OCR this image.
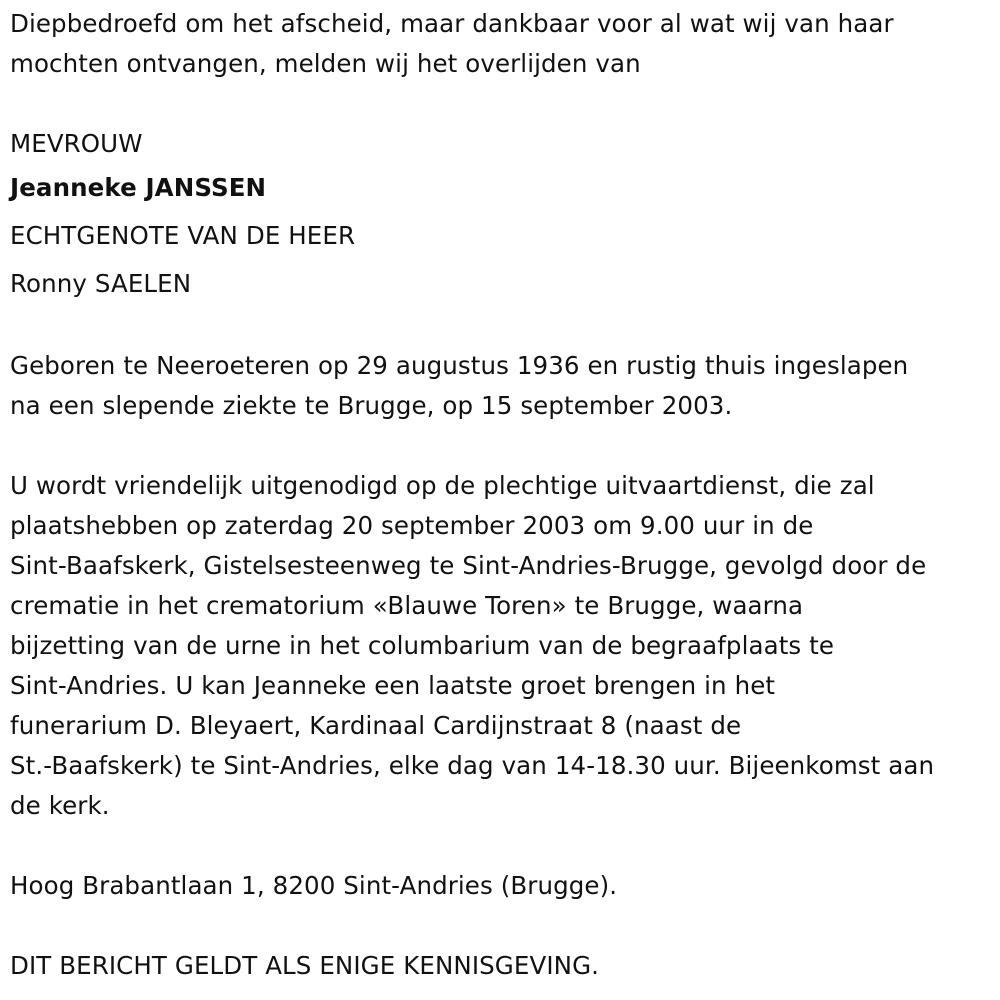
Diepbedroefd om het afscheid, maar dankbaar voor al wat wij van haar

mochten ontvangen, melden wij het overlijden van

MEVROUW

Jeanneke JANSSEN

ECHTGENOTE VAN DE HEER

Ronny SAELEN

Geboren te Neeroeteren op 29 augustus 1936 en rustig thuis ingeslapen

na een slepende ziekte te Brugge, op 15 september 2003.

U wordt vriendelijk uitgenodigd op de plechtige uitvaartdienst, die zal

plaatshebben op zaterdag 20 september 2003 om 9.00 uur in de

Sint-Baafskerk, Gistelsesteenweg te Sint-Andries-Brugge, gevolgd door de

crematie in het crematorium «Blauwe Toren» te Brugge, waarna

bijzetting van de urne in het columbarium van de begraafplaats te

Sint-Andries. U kan Jeanneke een laatste groet brengen in het

funerarium D. Bleyaert, Kardinaal Cardijnstraat 8 (naast de

St.-Baafskerk) te Sint-Andries, elke dag van 14-18.30 uur. Bijeenkomst aan

de kerk.

Hoog Brabantlaan 1, 8200 Sint-Andries (Brugge).

DIT BERICHT GELDT ALS ENIGE KENNISGEVING.
